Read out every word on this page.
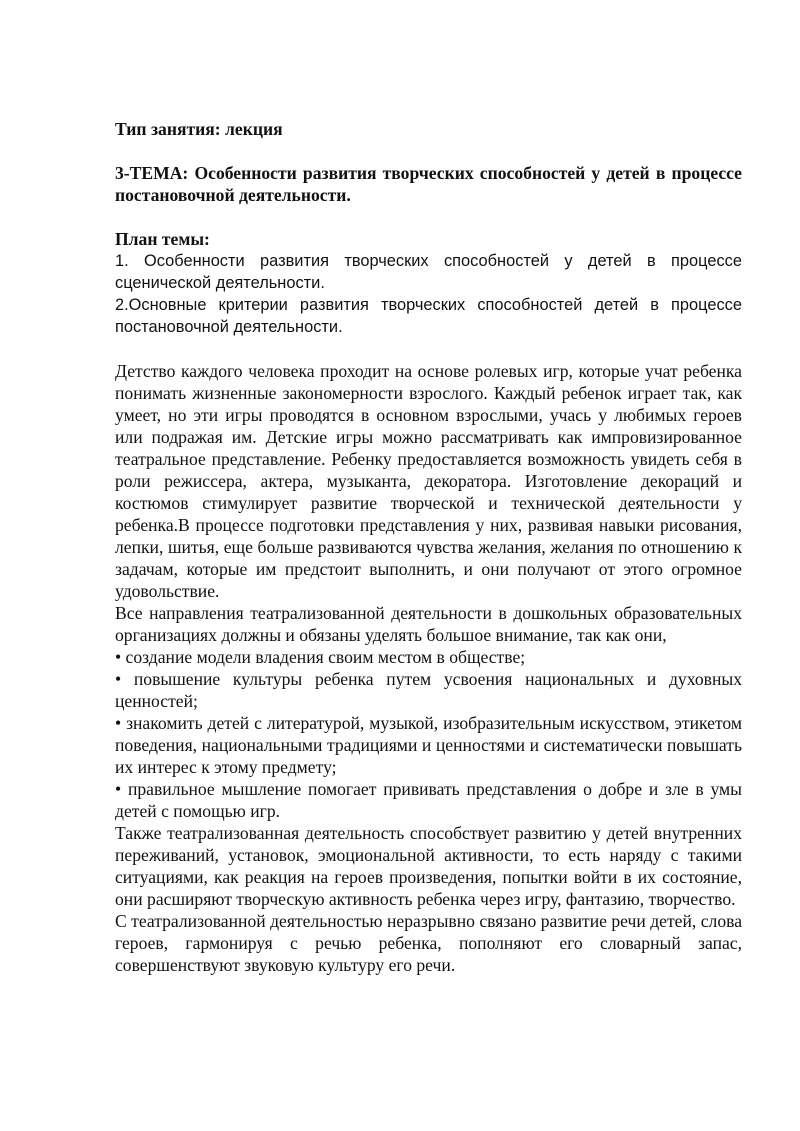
Тип занятия: лекция

3-ТЕМА: Особенности развития творческих способностей у детей в процессе постановочной деятельности.

План темы:

1. Особенности развития творческих способностей у детей в процессе сценической деятельности.

2.Основные критерии развития творческих способностей детей в процессе постановочной деятельности.

Детство каждого человека проходит на основе ролевых игр, которые учат ребенка понимать жизненные закономерности взрослого. Каждый ребенок играет так, как умеет, но эти игры проводятся в основном взрослыми, учась у любимых героев или подражая им. Детские игры можно рассматривать как импровизированное театральное представление. Ребенку предоставляется возможность увидеть себя в роли режиссера, актера, музыканта, декоратора. Изготовление декораций и костюмов стимулирует развитие творческой и технической деятельности у ребенка.В процессе подготовки представления у них, развивая навыки рисования, лепки, шитья, еще больше развиваются чувства желания, желания по отношению к задачам, которые им предстоит выполнить, и они получают от этого огромное удовольствие.

Все направления театрализованной деятельности в дошкольных образовательных организациях должны и обязаны уделять большое внимание, так как они,

• создание модели владения своим местом в обществе;

• повышение культуры ребенка путем усвоения национальных и духовных ценностей;

• знакомить детей с литературой, музыкой, изобразительным искусством, этикетом поведения, национальными традициями и ценностями и систематически повышать их интерес к этому предмету;

• правильное мышление помогает прививать представления о добре и зле в умы детей с помощью игр.

Также театрализованная деятельность способствует развитию у детей внутренних переживаний, установок, эмоциональной активности, то есть наряду с такими ситуациями, как реакция на героев произведения, попытки войти в их состояние, они расширяют творческую активность ребенка через игру, фантазию, творчество.

С театрализованной деятельностью неразрывно связано развитие речи детей, слова героев, гармонируя с речью ребенка, пополняют его словарный запас, совершенствуют звуковую культуру его речи.
